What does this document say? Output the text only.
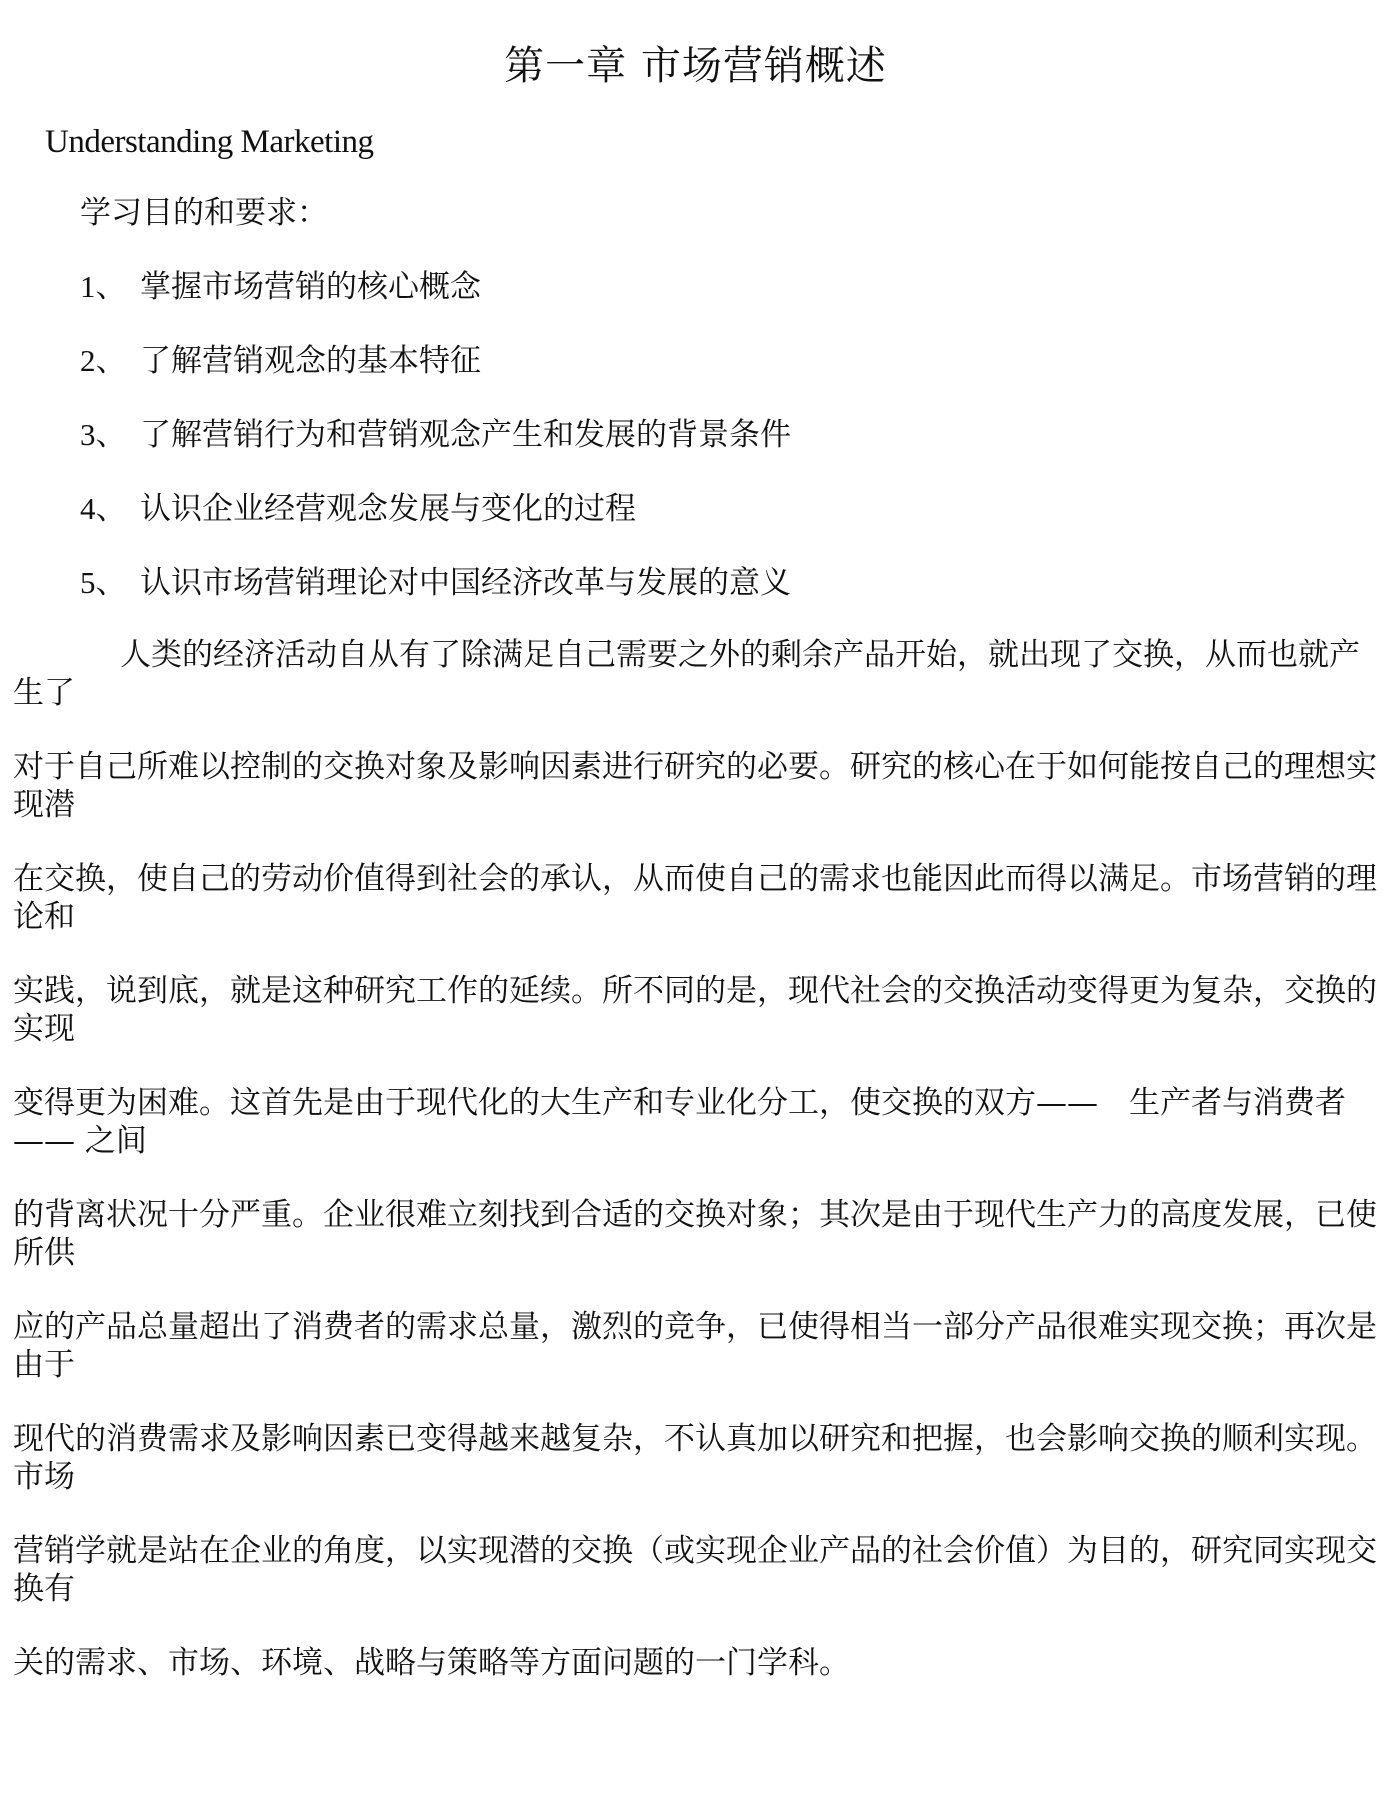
第一章 市场营销概述

Understanding Marketing

学习目的和要求：

1、 掌握市场营销的核心概念

2、 了解营销观念的基本特征

3、 了解营销行为和营销观念产生和发展的背景条件

4、 认识企业经营观念发展与变化的过程

5、 认识市场营销理论对中国经济改革与发展的意义

人类的经济活动自从有了除满足自己需要之外的剩余产品开始，就出现了交换，从而也就产生了

对于自己所难以控制的交换对象及影响因素进行研究的必要。研究的核心在于如何能按自己的理想实现潜

在交换，使自己的劳动价值得到社会的承认，从而使自己的需求也能因此而得以满足。市场营销的理论和

实践，说到底，就是这种研究工作的延续。所不同的是，现代社会的交换活动变得更为复杂，交换的实现

变得更为困难。这首先是由于现代化的大生产和专业化分工，使交换的双方——　生产者与消费者—— 之间

的背离状况十分严重。企业很难立刻找到合适的交换对象；其次是由于现代生产力的高度发展，已使所供

应的产品总量超出了消费者的需求总量，激烈的竞争，已使得相当一部分产品很难实现交换；再次是由于

现代的消费需求及影响因素已变得越来越复杂，不认真加以研究和把握，也会影响交换的顺利实现。市场

营销学就是站在企业的角度，以实现潜的交换（或实现企业产品的社会价值）为目的，研究同实现交换有

关的需求、市场、环境、战略与策略等方面问题的一门学科。
